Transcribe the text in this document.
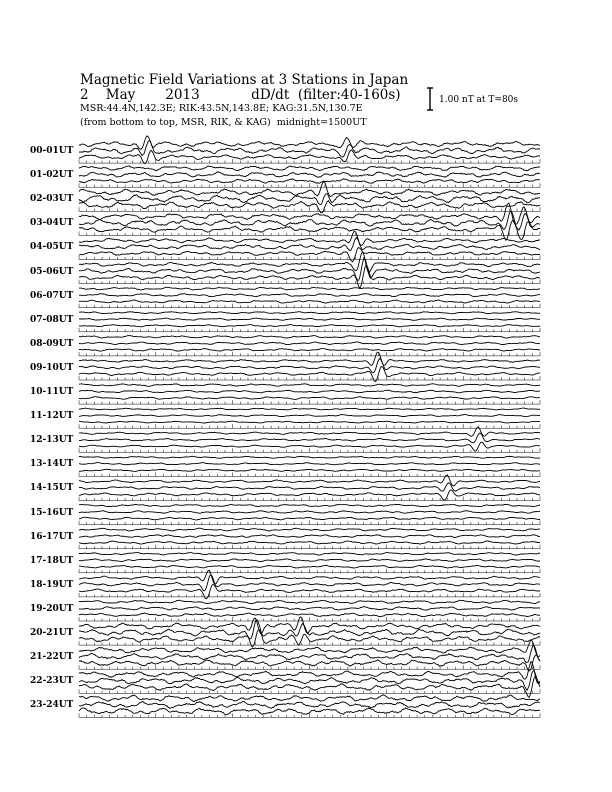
Magnetic Field Variations at 3 Stations in Japan
2 May 2013	dD/dt (filter:40-160s)
MSR:44.4N,142.3E; RIK:43.5N,143.8E; KAG:31.5N,130.7E
(from bottom to top, MSR, RIK, & KAG) midnight=1500UT
1.00 nT at T=80s
00-01UT
01-02UT
02-03UT
03-04UT
04-05UT
05-06UT
06-07UT
07-08UT
08-09UT
09-10UT
10-11UT
11-12UT
12-13UT
13-14UT
14-15UT
15-16UT
16-17UT
17-18UT
18-19UT
19-20UT
20-21UT
21-22UT
22-23UT
23-24UT
